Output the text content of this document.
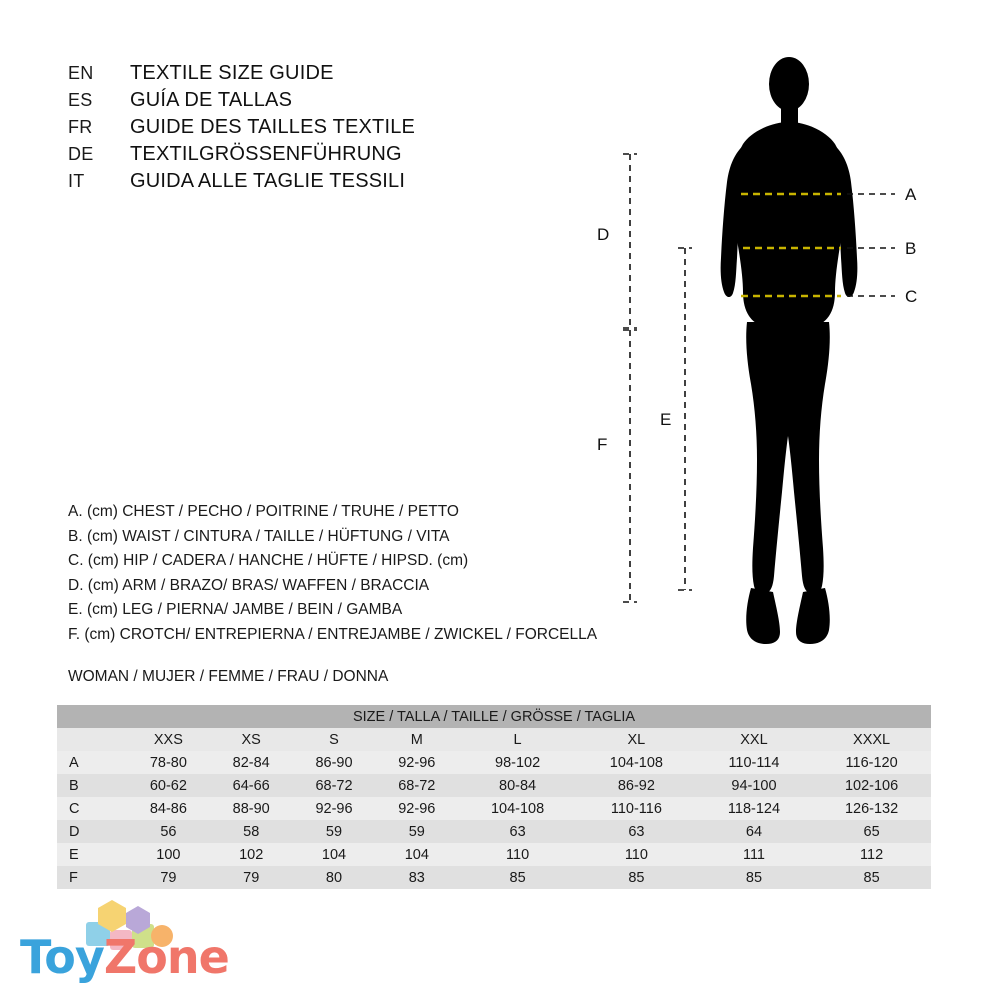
EN	TEXTILE SIZE GUIDE
ES	GUÍA DE TALLAS
FR	GUIDE DES TAILLES TEXTILE
DE	TEXTILGRÖSSENFÜHRUNG
IT	GUIDA ALLE TAGLIE TESSILI
A. (cm) CHEST / PECHO / POITRINE / TRUHE / PETTO
B. (cm) WAIST / CINTURA / TAILLE / HÜFTUNG / VITA
C. (cm) HIP / CADERA / HANCHE / HÜFTE / HIPSD. (cm)
D. (cm) ARM / BRAZO/ BRAS/ WAFFEN / BRACCIA
E. (cm) LEG / PIERNA/ JAMBE / BEIN / GAMBA
F. (cm) CROTCH/ ENTREPIERNA / ENTREJAMBE / ZWICKEL / FORCELLA
WOMAN / MUJER / FEMME / FRAU / DONNA
A
B
C
D
E
F
SIZE / TALLA / TAILLE / GRÖSSE / TAGLIA								
	XXS	XS	S	M	L	XL	XXL	XXXL
A	78-80	82-84	86-90	92-96	98-102	104-108	110-114	116-120
B	60-62	64-66	68-72	68-72	80-84	86-92	94-100	102-106
C	84-86	88-90	92-96	92-96	104-108	110-116	118-124	126-132
D	56	58	59	59	63	63	64	65
E	100	102	104	104	110	110	111	112
F	79	79	80	83	85	85	85	85
ToyZone
